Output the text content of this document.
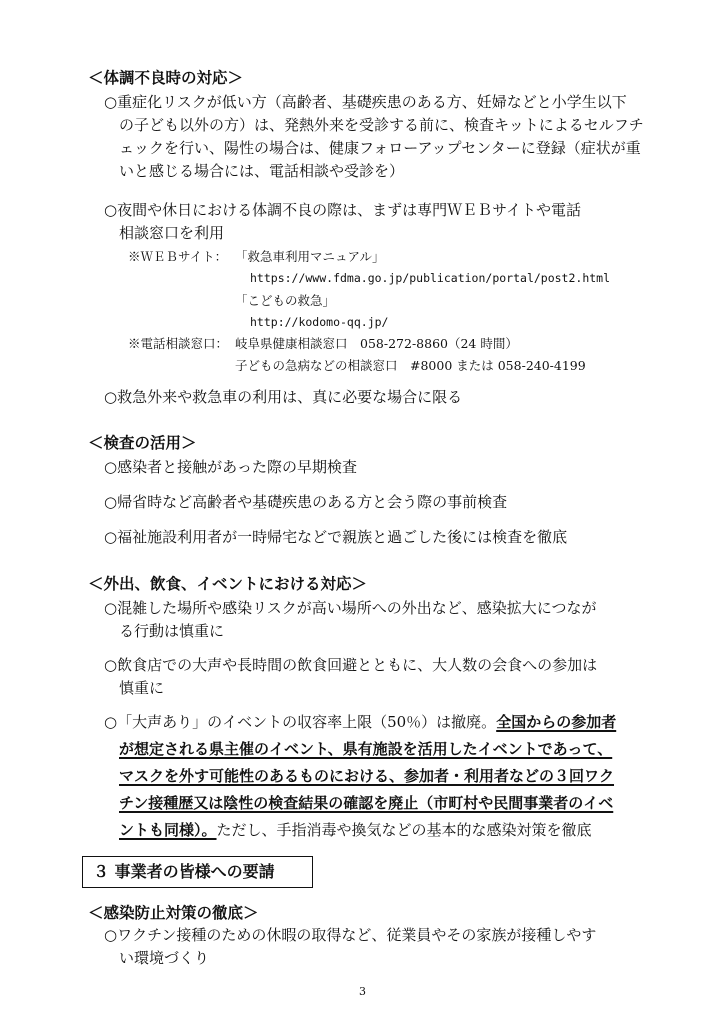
＜体調不良時の対応＞
○重症化リスクが低い方（高齢者、基礎疾患のある方、妊婦などと小学生以下
の子ども以外の方）は、発熱外来を受診する前に、検査キットによるセルフチェックを行い、陽性の場合は、健康フォローアップセンターに登録（症状が重いと感じる場合には、電話相談や受診を）
○夜間や休日における体調不良の際は、まずは専門ＷＥＢサイトや電話
相談窓口を利用
※ＷＥＢサイト： 「救急車利用マニュアル」
https://www.fdma.go.jp/publication/portal/post2.html
「こどもの救急」
http://kodomo-qq.jp/
※電話相談窓口： 岐阜県健康相談窓口　058-272-8860（24 時間）
子どもの急病などの相談窓口　#8000 または 058-240-4199
○救急外来や救急車の利用は、真に必要な場合に限る
＜検査の活用＞
○感染者と接触があった際の早期検査
○帰省時など高齢者や基礎疾患のある方と会う際の事前検査
○福祉施設利用者が一時帰宅などで親族と過ごした後には検査を徹底
＜外出、飲食、イベントにおける対応＞
○混雑した場所や感染リスクが高い場所への外出など、感染拡大につなが
る行動は慎重に
○飲食店での大声や長時間の飲食回避とともに、大人数の会食への参加は
慎重に
○「大声あり」のイベントの収容率上限（50％）は撤廃。全国からの参加者
が想定される県主催のイベント、県有施設を活用したイベントであって、
マスクを外す可能性のあるものにおける、参加者・利用者などの３回ワク
チン接種歴又は陰性の検査結果の確認を廃止（市町村や民間事業者のイベ
ントも同様）。ただし、手指消毒や換気などの基本的な感染対策を徹底
３ 事業者の皆様への要請
＜感染防止対策の徹底＞
○ワクチン接種のための休暇の取得など、従業員やその家族が接種しやす
い環境づくり
3
